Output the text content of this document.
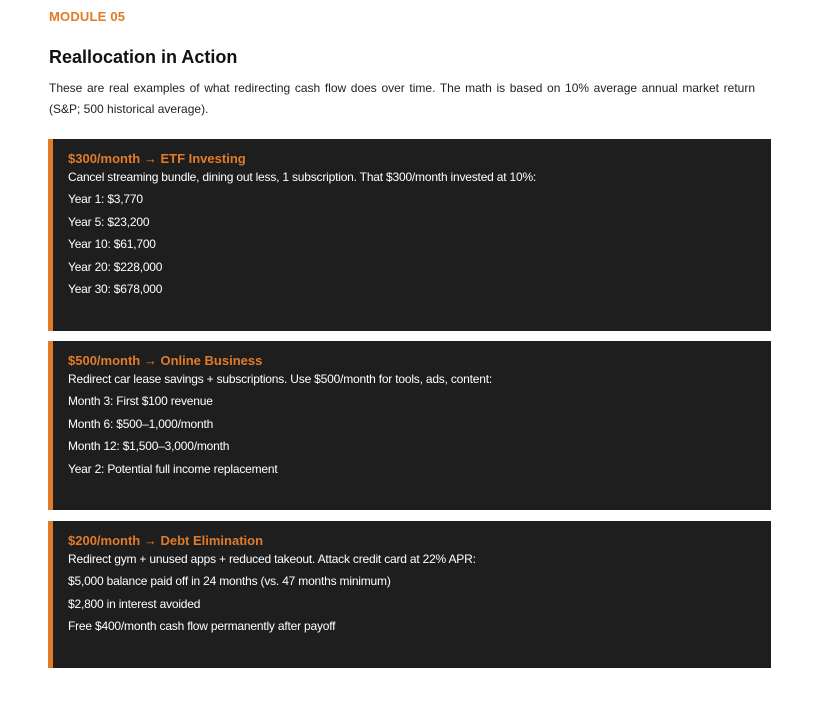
MODULE 05
Reallocation in Action
These are real examples of what redirecting cash flow does over time. The math is based on 10% average annual market return (S&P; 500 historical average).
$300/month → ETF Investing
Cancel streaming bundle, dining out less, 1 subscription. That $300/month invested at 10%:
Year 1: $3,770
Year 5: $23,200
Year 10: $61,700
Year 20: $228,000
Year 30: $678,000
$500/month → Online Business
Redirect car lease savings + subscriptions. Use $500/month for tools, ads, content:
Month 3: First $100 revenue
Month 6: $500–1,000/month
Month 12: $1,500–3,000/month
Year 2: Potential full income replacement
$200/month → Debt Elimination
Redirect gym + unused apps + reduced takeout. Attack credit card at 22% APR:
$5,000 balance paid off in 24 months (vs. 47 months minimum)
$2,800 in interest avoided
Free $400/month cash flow permanently after payoff
